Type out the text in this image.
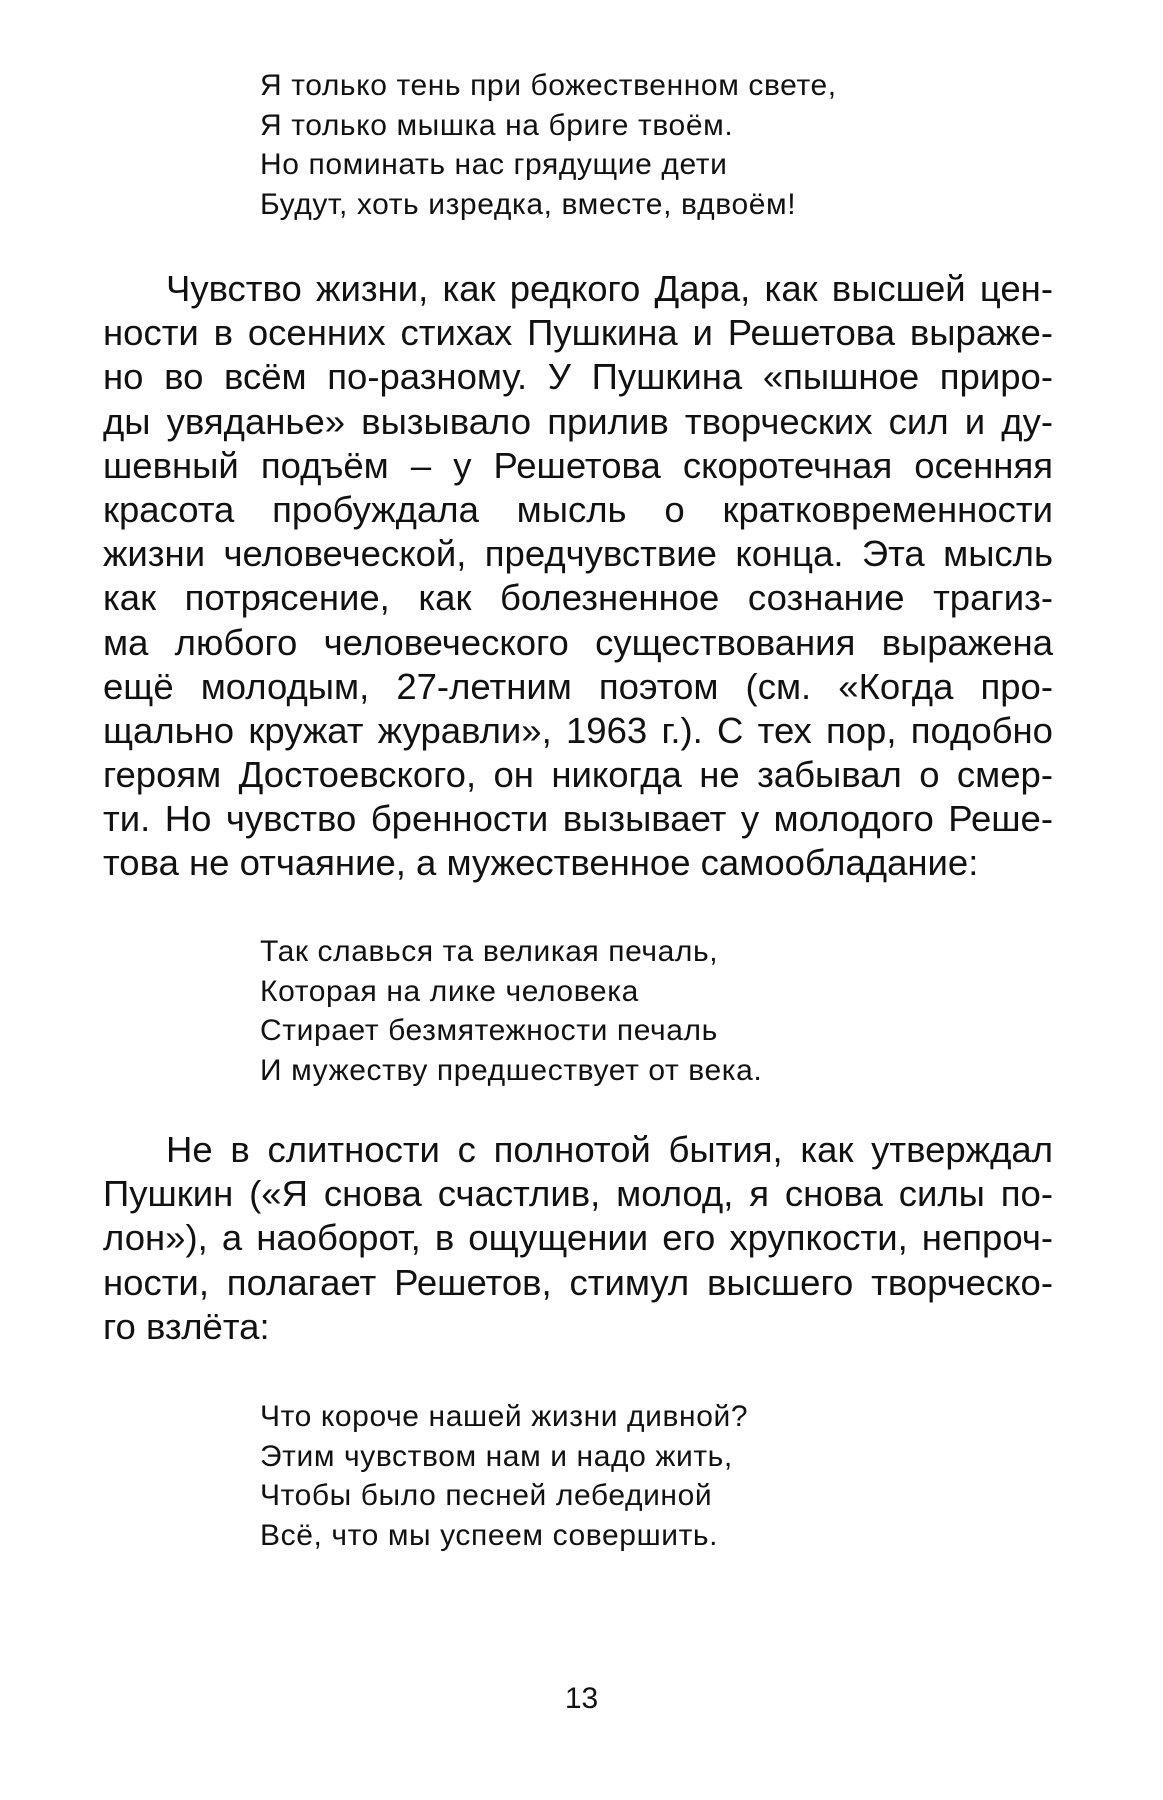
Я только тень при божественном свете,
Я только мышка на бриге твоём.
Но поминать нас грядущие дети
Будут, хоть изредка, вместе, вдвоём!
Чувство жизни, как редкого Дара, как высшей цен-
ности в осенних стихах Пушкина и Решетова выраже-
но во всём по-разному. У Пушкина «пышное приро-
ды увяданье» вызывало прилив творческих сил и ду-
шевный подъём – у Решетова скоротечная осенняя
красота пробуждала мысль о кратковременности
жизни человеческой, предчувствие конца. Эта мысль
как потрясение, как болезненное сознание трагиз-
ма любого человеческого существования выражена
ещё молодым, 27-летним поэтом (см. «Когда про-
щально кружат журавли», 1963 г.). С тех пор, подобно
героям Достоевского, он никогда не забывал о смер-
ти. Но чувство бренности вызывает у молодого Реше-
това не отчаяние, а мужественное самообладание:
Так славься та великая печаль,
Которая на лике человека
Стирает безмятежности печаль
И мужеству предшествует от века.
Не в слитности с полнотой бытия, как утверждал
Пушкин («Я снова счастлив, молод, я снова силы по-
лон»), а наоборот, в ощущении его хрупкости, непроч-
ности, полагает Решетов, стимул высшего творческо-
го взлёта:
Что короче нашей жизни дивной?
Этим чувством нам и надо жить,
Чтобы было песней лебединой
Всё, что мы успеем совершить.
13
